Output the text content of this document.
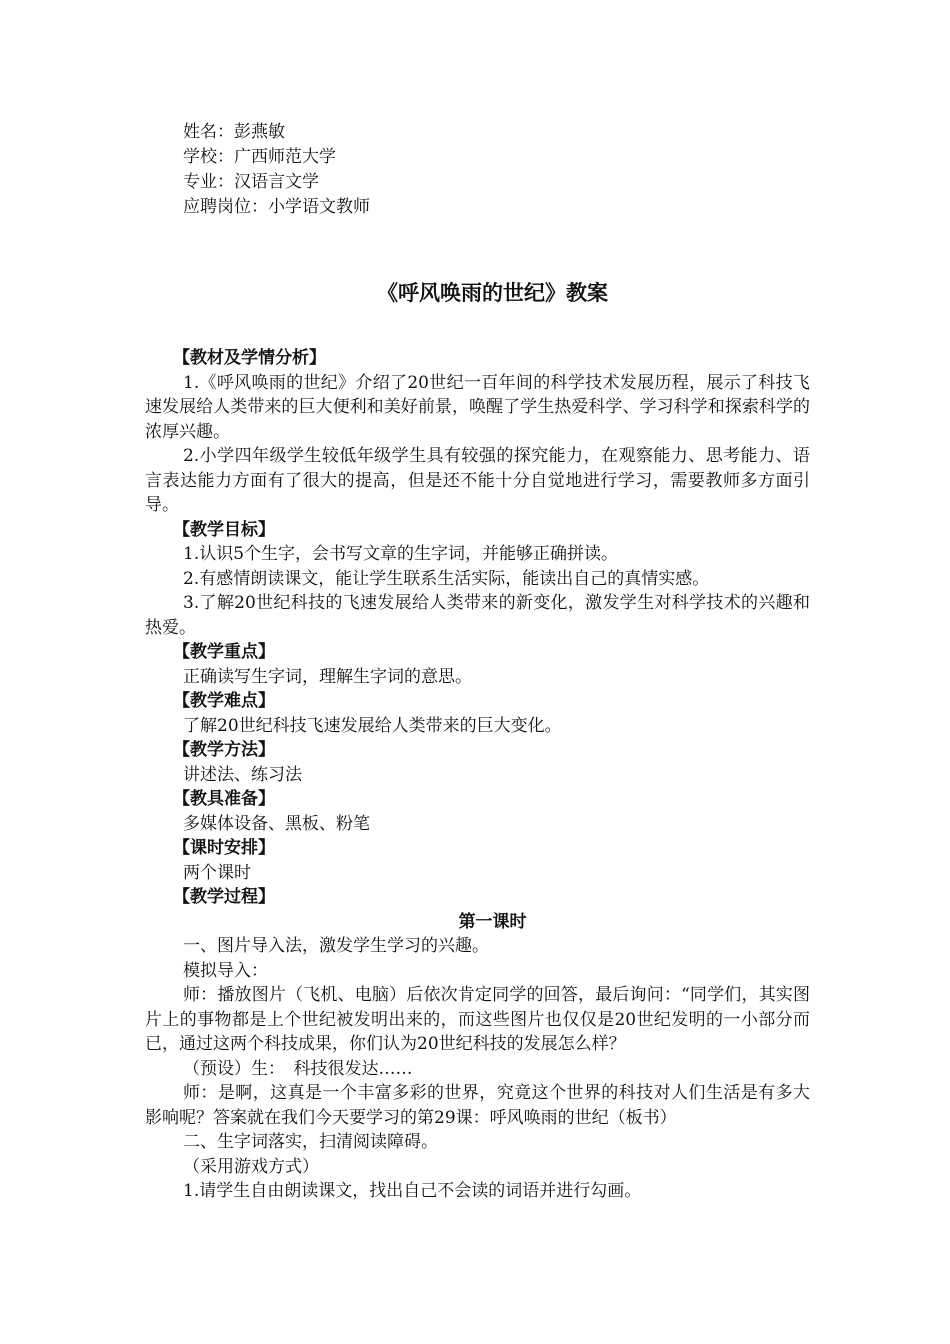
姓名：彭燕敏
学校：广西师范大学
专业：汉语言文学
应聘岗位：小学语文教师
《呼风唤雨的世纪》教案

【教材及学情分析】

1.《呼风唤雨的世纪》介绍了20世纪一百年间的科学技术发展历程，展示了科技飞速发展给人类带来的巨大便利和美好前景，唤醒了学生热爱科学、学习科学和探索科学的浓厚兴趣。

2.小学四年级学生较低年级学生具有较强的探究能力，在观察能力、思考能力、语言表达能力方面有了很大的提高，但是还不能十分自觉地进行学习，需要教师多方面引导。

【教学目标】

1.认识5个生字，会书写文章的生字词，并能够正确拼读。

2.有感情朗读课文，能让学生联系生活实际，能读出自己的真情实感。

3.了解20世纪科技的飞速发展给人类带来的新变化，激发学生对科学技术的兴趣和热爱。

【教学重点】

正确读写生字词，理解生字词的意思。

【教学难点】

了解20世纪科技飞速发展给人类带来的巨大变化。

【教学方法】

讲述法、练习法

【教具准备】

多媒体设备、黑板、粉笔

【课时安排】

两个课时

【教学过程】

第一课时

一、图片导入法，激发学生学习的兴趣。

模拟导入：

师：播放图片（飞机、电脑）后依次肯定同学的回答，最后询问：“同学们，其实图片上的事物都是上个世纪被发明出来的，而这些图片也仅仅是20世纪发明的一小部分而已，通过这两个科技成果，你们认为20世纪科技的发展怎么样？

（预设）生：　科技很发达……

师：是啊，这真是一个丰富多彩的世界，究竟这个世界的科技对人们生活是有多大影响呢？答案就在我们今天要学习的第29课：呼风唤雨的世纪（板书）

二、生字词落实，扫清阅读障碍。

（采用游戏方式）

1.请学生自由朗读课文，找出自己不会读的词语并进行勾画。
